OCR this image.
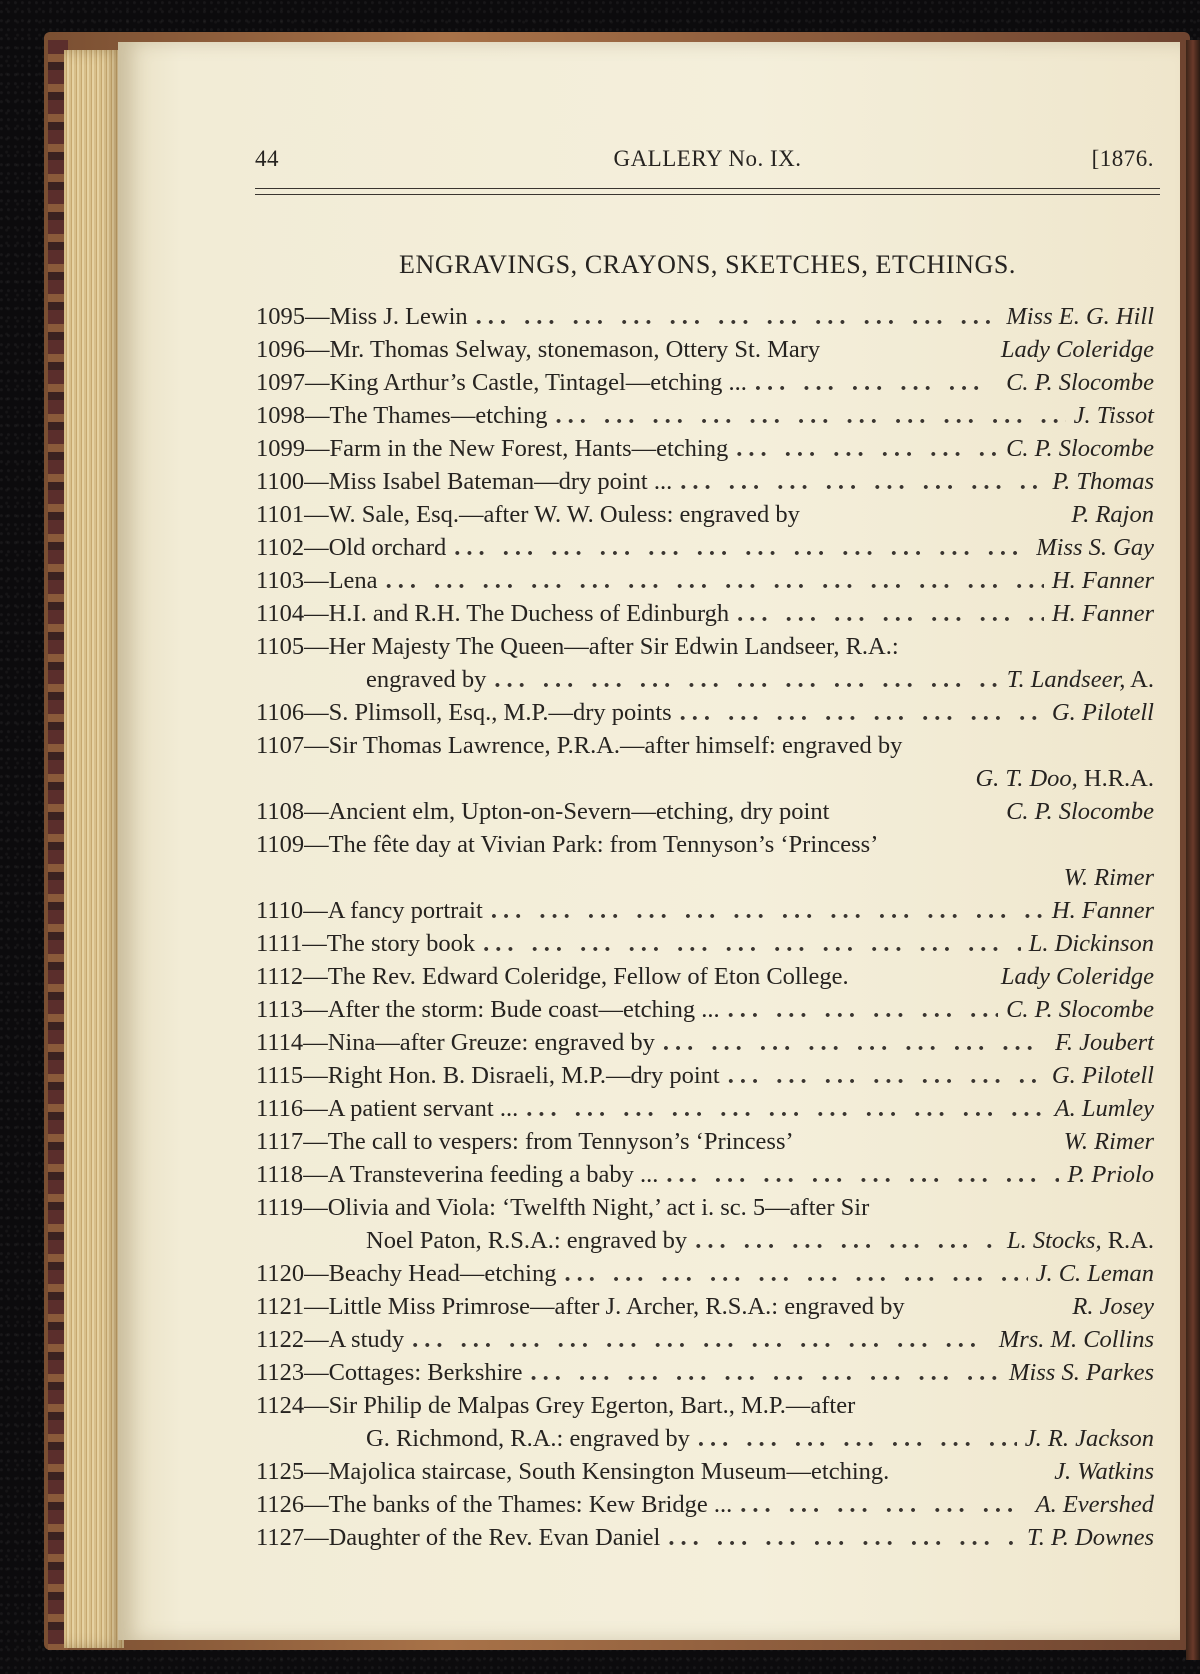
44	GALLERY No. IX.	[1876.
ENGRAVINGS, CRAYONS, SKETCHES, ETCHINGS.
1095 —Miss J. Lewin ... .	Miss E. G. Hill
1096 —Mr. Thomas Selway, stonemason, Ottery St. Mary	Lady Coleridge
1097 —King Arthur’s Castle, Tintagel—etching ... ... .	C. P. Slocombe
1098 —The Thames—etching ... .	J. Tissot
1099 —Farm in the New Forest, Hants—etching ... .	C. P. Slocombe
1100 —Miss Isabel Bateman—dry point ... ... .	P. Thomas
1101 —W. Sale, Esq.—after W. W. Ouless: engraved by	P. Rajon
1102 —Old orchard ... .	Miss S. Gay
1103 —Lena ... .	H. Fanner
1104 —H.I. and R.H. The Duchess of Edinburgh ... .	H. Fanner
1105 —Her Majesty The Queen—after Sir Edwin Landseer, R.A.:
engraved by ... .	T. Landseer, A.
1106 —S. Plimsoll, Esq., M.P.—dry points ... .	G. Pilotell
1107 —Sir Thomas Lawrence, P.R.A.—after himself: engraved by
G. T. Doo, H.R.A.
1108 —Ancient elm, Upton-on-Severn—etching, dry point	C. P. Slocombe
1109 —The fête day at Vivian Park: from Tennyson’s ‘Princess’
W. Rimer
1110 —A fancy portrait ... .	H. Fanner
1111 —The story book ... .	L. Dickinson
1112 —The Rev. Edward Coleridge, Fellow of Eton College.	Lady Coleridge
1113 —After the storm: Bude coast—etching ... ... .	C. P. Slocombe
1114 —Nina—after Greuze: engraved by ... .	F. Joubert
1115 —Right Hon. B. Disraeli, M.P.—dry point ... .	G. Pilotell
1116 —A patient servant ... ... .	A. Lumley
1117 —The call to vespers: from Tennyson’s ‘Princess’	W. Rimer
1118 —A Transteverina feeding a baby ... ... .	P. Priolo
1119 —Olivia and Viola: ‘Twelfth Night,’ act i. sc. 5—after Sir
Noel Paton, R.S.A.: engraved by ... .	L. Stocks, R.A.
1120 —Beachy Head—etching ... .	J. C. Leman
1121 —Little Miss Primrose—after J. Archer, R.S.A.: engraved by	R. Josey
1122 —A study ... .	Mrs. M. Collins
1123 —Cottages: Berkshire ... .	Miss S. Parkes
1124 —Sir Philip de Malpas Grey Egerton, Bart., M.P.—after
G. Richmond, R.A.: engraved by ... .	J. R. Jackson
1125 —Majolica staircase, South Kensington Museum—etching.	J. Watkins
1126 —The banks of the Thames: Kew Bridge ... ... .	A. Evershed
1127 —Daughter of the Rev. Evan Daniel ... .	T. P. Downes
